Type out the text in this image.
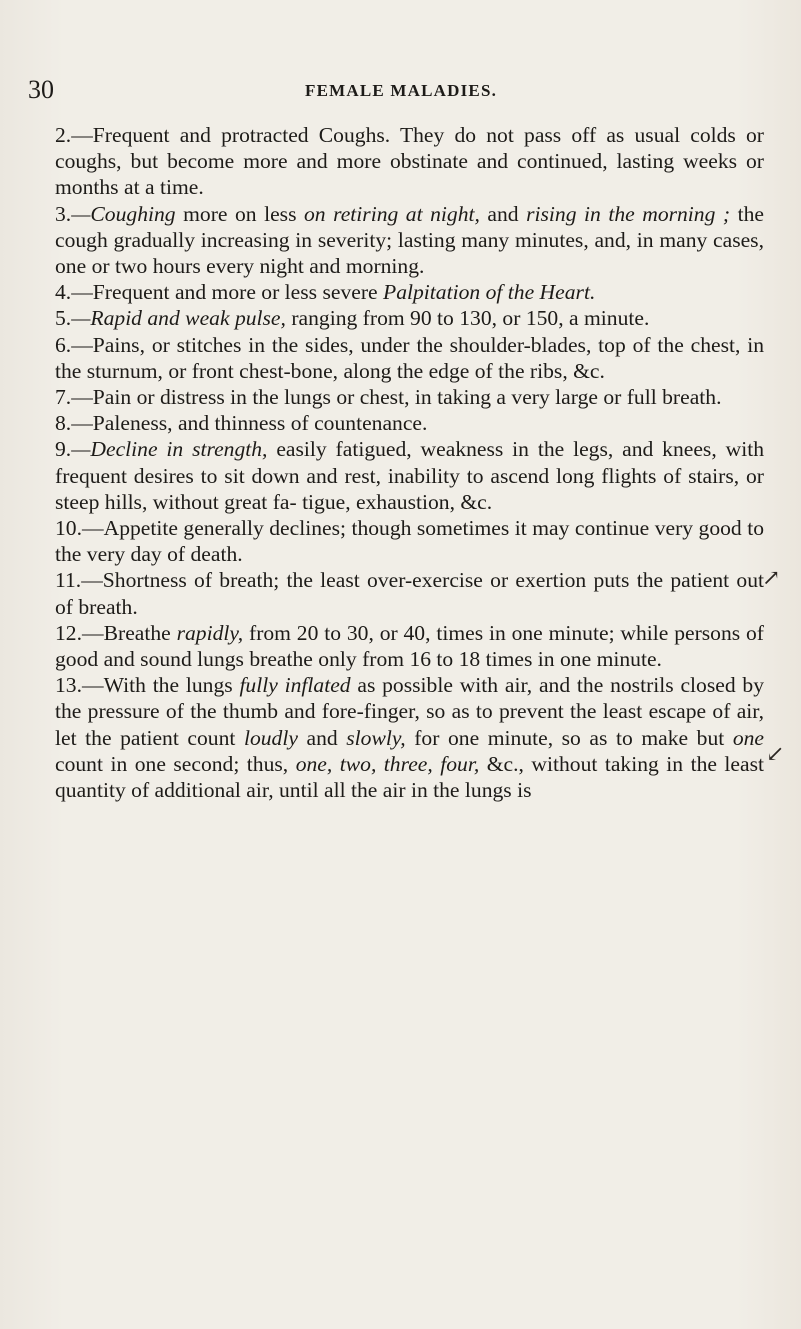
30	FEMALE MALADIES.

2.—Frequent and protracted Coughs. They do not pass off as usual colds or coughs, but become more and more obstinate and continued, lasting weeks or months at a time.

3.—Coughing more on less on retiring at night, and rising in the morning ; the cough gradually increasing in severity; lasting many minutes, and, in many cases, one or two hours every night and morning.

4.—Frequent and more or less severe Palpitation of the Heart.

5.—Rapid and weak pulse, ranging from 90 to 130, or 150, a minute.

6.—Pains, or stitches in the sides, under the shoulder-blades, top of the chest, in the sturnum, or front chest-bone, along the edge of the ribs, &c.

7.—Pain or distress in the lungs or chest, in taking a very large or full breath.

8.—Paleness, and thinness of countenance.

9.—Decline in strength, easily fatigued, weakness in the legs, and knees, with frequent desires to sit down and rest, inability to ascend long flights of stairs, or steep hills, without great fa- tigue, exhaustion, &c.

10.—Appetite generally declines; though sometimes it may continue very good to the very day of death.

11.—Shortness of breath; the least over-exercise or exertion puts the patient out of breath.

12.—Breathe rapidly, from 20 to 30, or 40, times in one minute; while persons of good and sound lungs breathe only from 16 to 18 times in one minute.

13.—With the lungs fully inflated as possible with air, and the nostrils closed by the pressure of the thumb and fore-finger, so as to prevent the least escape of air, let the patient count loudly and slowly, for one minute, so as to make but one count in one second; thus, one, two, three, four, &c., without taking in the least quantity of additional air, until all the air in the lungs is

↗
↙
